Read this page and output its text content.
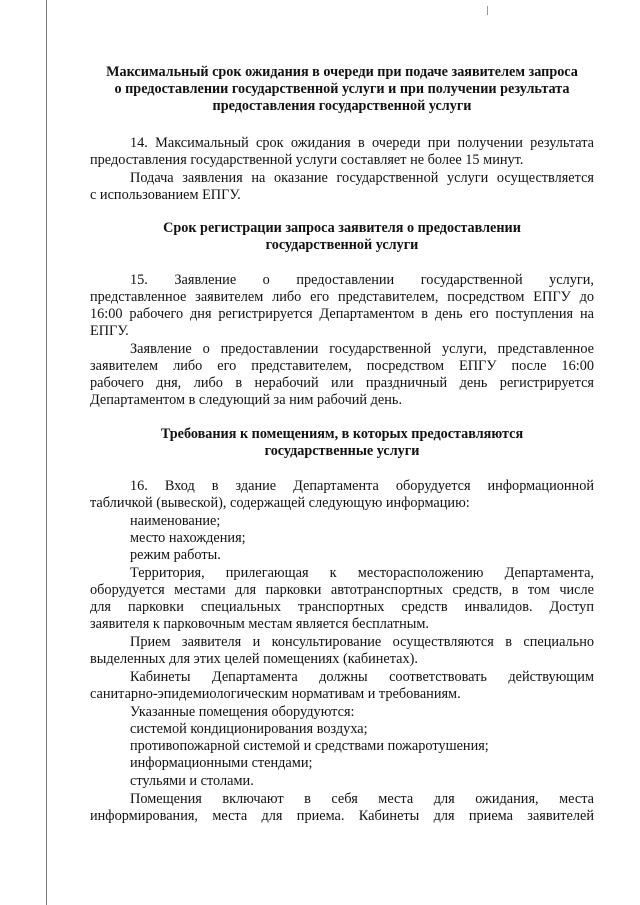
Максимальный срок ожидания в очереди при подаче заявителем запроса
о предоставлении государственной услуги и при получении результата
предоставления государственной услуги

14. Максимальный срок ожидания в очереди при получении результата

предоставления государственной услуги составляет не более 15 минут.

Подача заявления на оказание государственной услуги осуществляется

с использованием ЕПГУ.

Срок регистрации запроса заявителя о предоставлении
государственной услуги

15. Заявление о предоставлении государственной услуги,

представленное заявителем либо его представителем, посредством ЕПГУ до

16:00 рабочего дня регистрируется Департаментом в день его поступления на

ЕПГУ.

Заявление о предоставлении государственной услуги, представленное

заявителем либо его представителем, посредством ЕПГУ после 16:00

рабочего дня, либо в нерабочий или праздничный день регистрируется

Департаментом в следующий за ним рабочий день.

Требования к помещениям, в которых предоставляются
государственные услуги

16. Вход в здание Департамента оборудуется информационной

табличкой (вывеской), содержащей следующую информацию:

наименование;

место нахождения;

режим работы.

Территория, прилегающая к месторасположению Департамента,

оборудуется местами для парковки автотранспортных средств, в том числе

для парковки специальных транспортных средств инвалидов. Доступ

заявителя к парковочным местам является бесплатным.

Прием заявителя и консультирование осуществляются в специально

выделенных для этих целей помещениях (кабинетах).

Кабинеты Департамента должны соответствовать действующим

санитарно-эпидемиологическим нормативам и требованиям.

Указанные помещения оборудуются:

системой кондиционирования воздуха;

противопожарной системой и средствами пожаротушения;

информационными стендами;

стульями и столами.

Помещения включают в себя места для ожидания, места

информирования, места для приема. Кабинеты для приема заявителей
